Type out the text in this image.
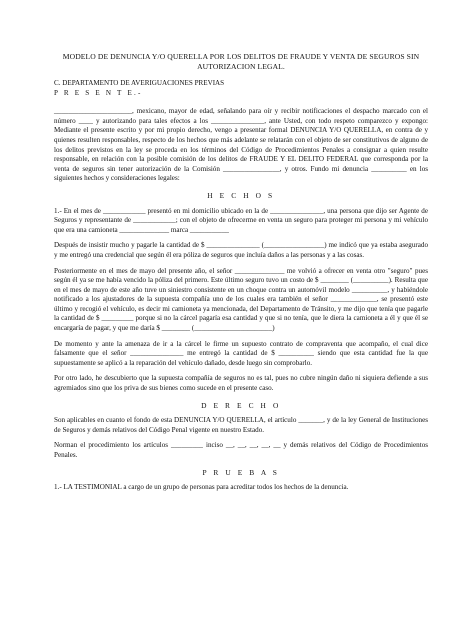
MODELO DE DENUNCIA Y/O QUERELLA POR LOS DELITOS DE FRAUDE Y VENTA DE SEGUROS SIN AUTORIZACION LEGAL.
C. DEPARTAMENTO DE AVERIGUACIONES PREVIAS
P R E S E N T E.-

______________________, mexicano, mayor de edad, señalando para oír y recibir notificaciones el despacho marcado con el número ____ y autorizando para tales efectos a los _______________, ante Usted, con todo respeto comparezco y expongo: Mediante el presente escrito y por mi propio derecho, vengo a presentar formal DENUNCIA Y/O QUERELLA, en contra de y quienes resulten responsables, respecto de los hechos que más adelante se relatarán con el objeto de ser constitutivos de alguno de los delitos previstos en la ley se proceda en los términos del Código de Procedimientos Penales a consignar a quien resulte responsable, en relación con la posible comisión de los delitos de FRAUDE Y EL DELITO FEDERAL que corresponda por la venta de seguros sin tener autorización de la Comisión ________________, y otros. Fundo mi denuncia __________ en los siguientes hechos y consideraciones legales:

H E C H O S

1.- En el mes de ____________ presentó en mi domicilio ubicado en la de _______________, una persona que dijo ser Agente de Seguros y representante de ____________; con el objeto de ofrecerme en venta un seguro para proteger mi persona y mi vehículo que era una camioneta ______________ marca ___________

Después de insistir mucho y pagarle la cantidad de $ _______________ (_________________) me indicó que ya estaba asegurado y me entregó una credencial que según él era póliza de seguros que incluía daños a las personas y a las cosas.

Posteriormente en el mes de mayo del presente año, el señor ______________ me volvió a ofrecer en venta otro "seguro" pues según él ya se me había vencido la póliza del primero. Este último seguro tuvo un costo de $ ________ (__________). Resulta que en el mes de mayo de este año tuve un siniestro consistente en un choque contra un automóvil modelo __________, y habiéndole notificado a los ajustadores de la supuesta compañía uno de los cuales era también el señor _____________, se presentó este último y recogió el vehículo, es decir mi camioneta ya mencionada, del Departamento de Tránsito, y me dijo que tenía que pagarle la cantidad de $ _________ porque si no la cárcel pagaría esa cantidad y que si no tenía, que le diera la camioneta a él y que él se encargaría de pagar, y que me daría $ ________ (______________________)

De momento y ante la amenaza de ir a la cárcel le firme un supuesto contrato de compraventa que acompaño, el cual dice falsamente que el señor _______________ me entregó la cantidad de $ __________ siendo que esta cantidad fue la que supuestamente se aplicó a la reparación del vehículo dañado, desde luego sin comprobarlo.

Por otro lado, he descubierto que la supuesta compañía de seguros no es tal, pues no cubre ningún daño ni siquiera defiende a sus agremiados sino que los priva de sus bienes como sucede en el presente caso.

D E R E C H O

Son aplicables en cuanto el fondo de esta DENUNCIA Y/O QUERELLA, el artículo _______, y de la ley General de Instituciones de Seguros y demás relativos del Código Penal vigente en nuestro Estado.

Norman el procedimiento los artículos _________ inciso __, __, __, __, __ y demás relativos del Código de Procedimientos Penales.

P R U E B A S

1.- LA TESTIMONIAL a cargo de un grupo de personas para acreditar todos los hechos de la denuncia.
